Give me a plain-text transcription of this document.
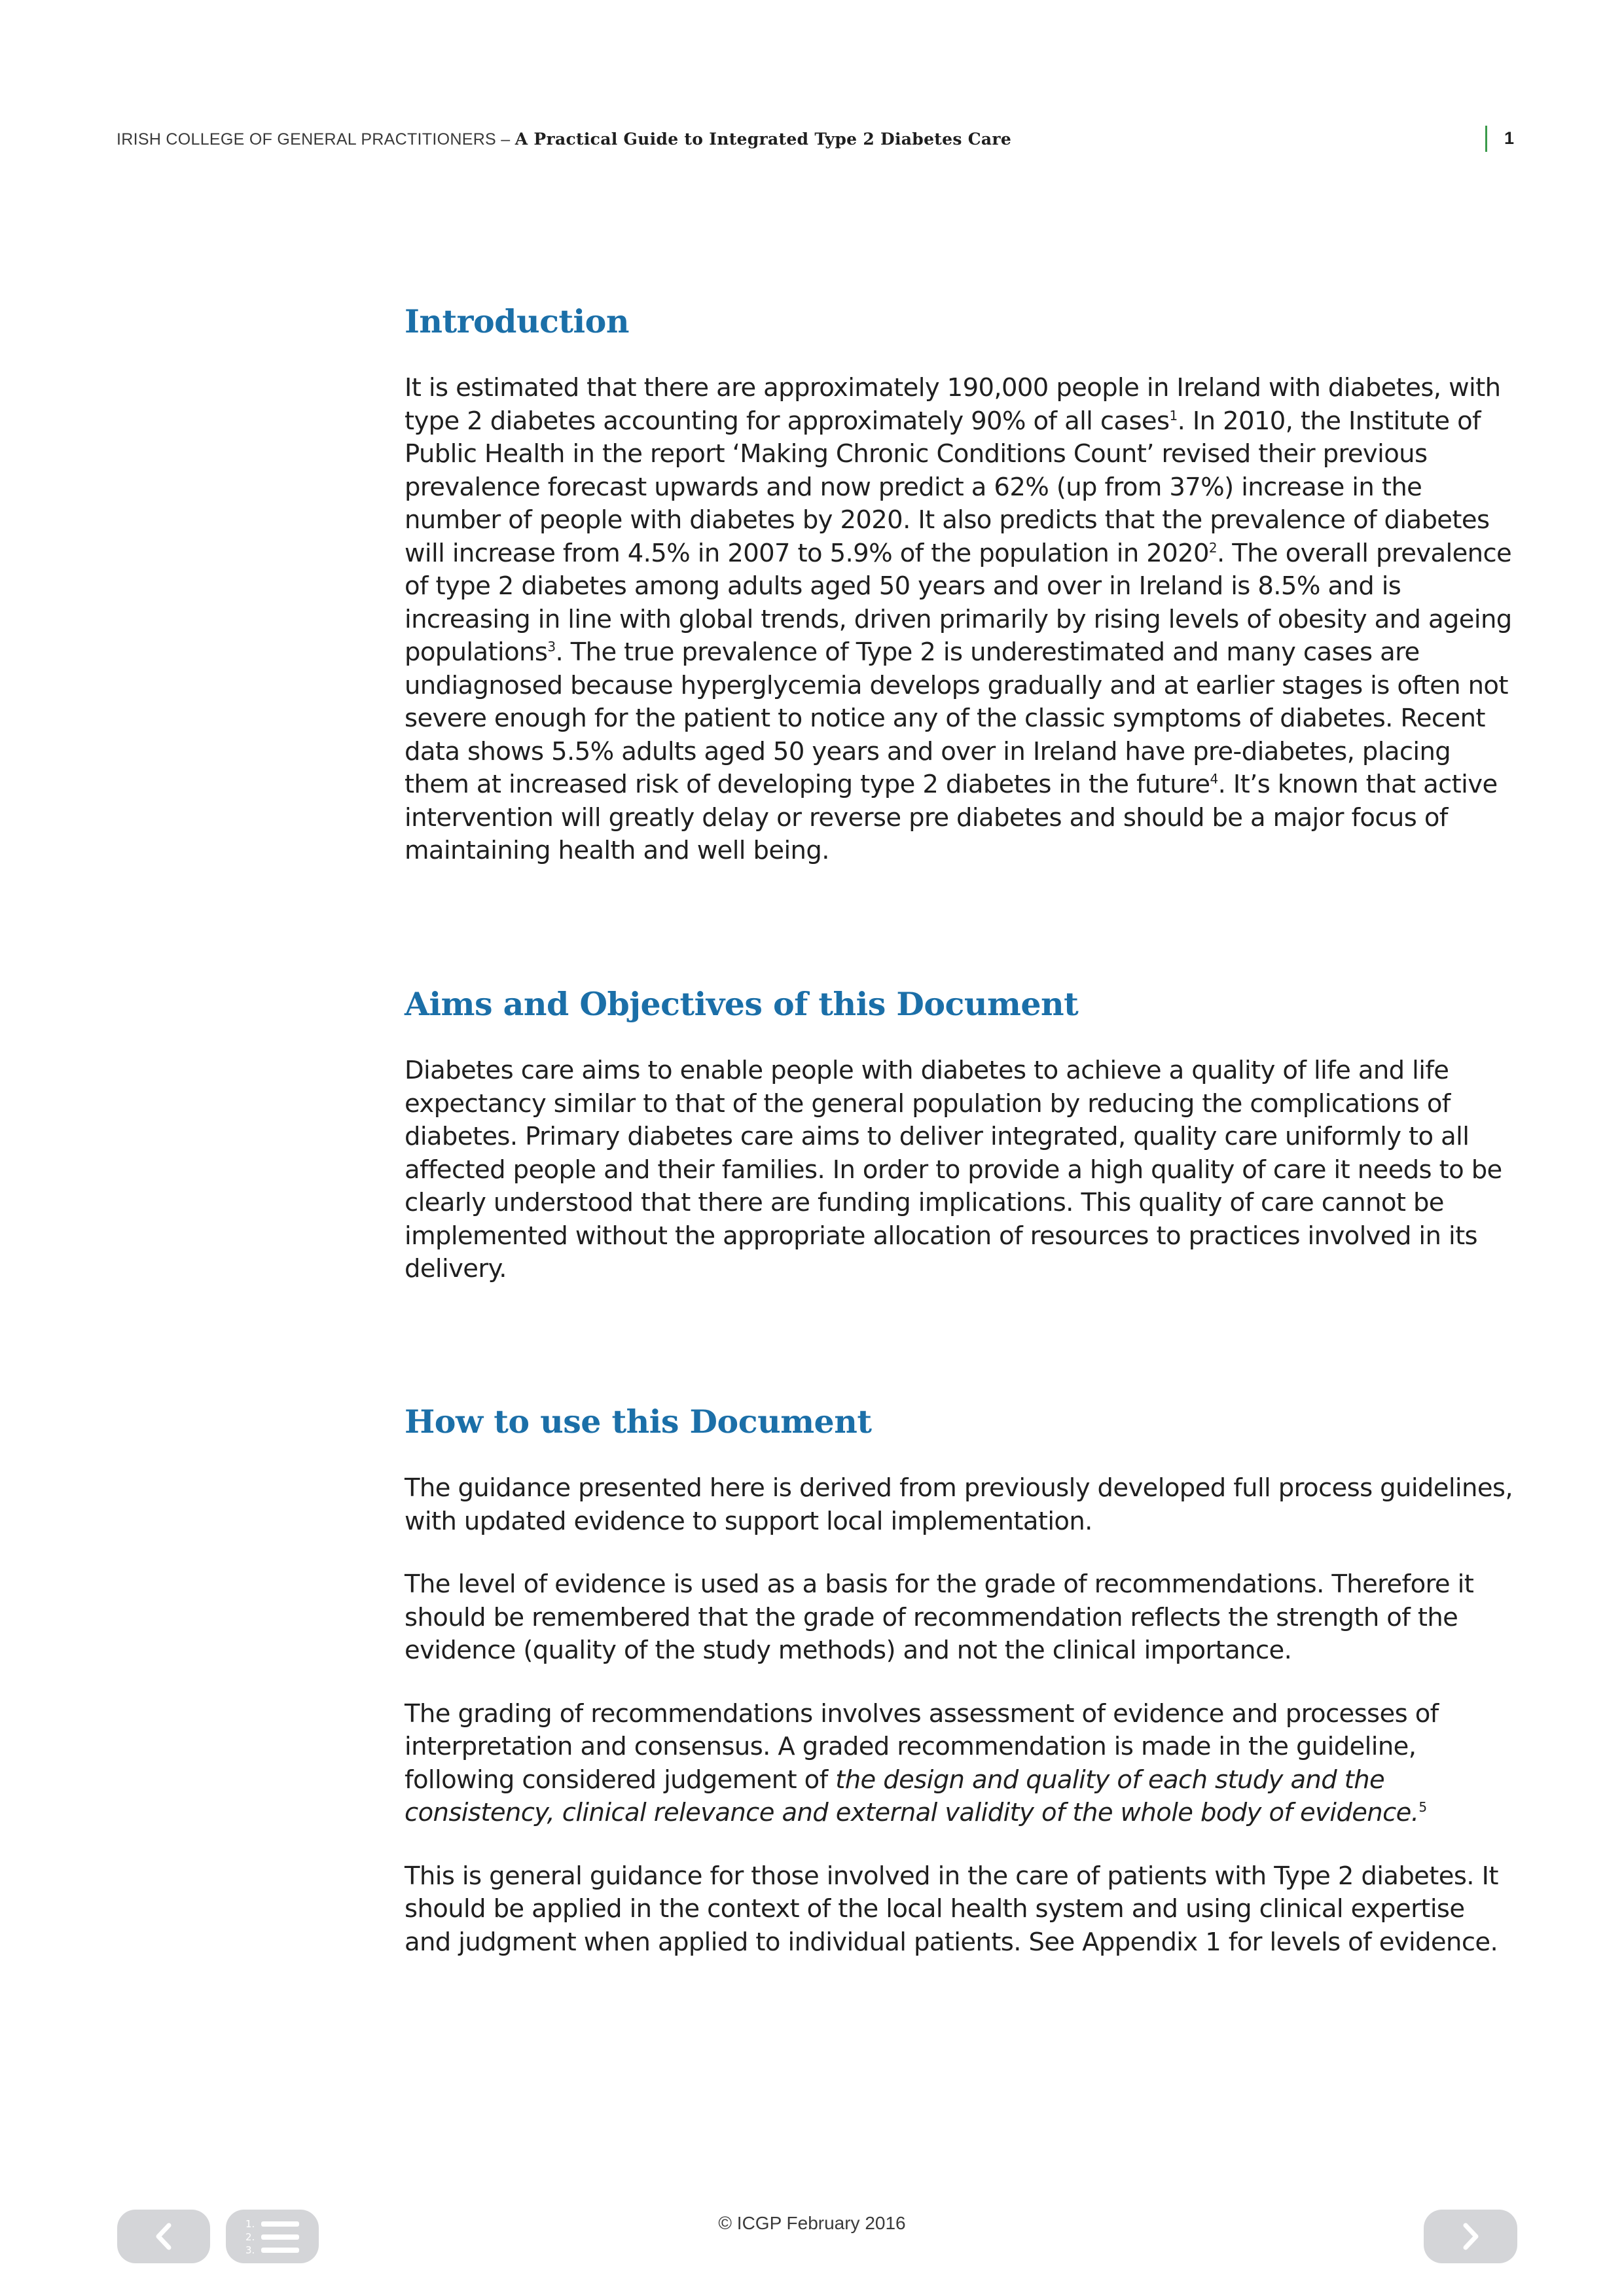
IRISH COLLEGE OF GENERAL PRACTITIONERS – A Practical Guide to Integrated Type 2 Diabetes Care	1
Introduction

It is estimated that there are approximately 190,000 people in Ireland with diabetes, with type 2 diabetes accounting for approximately 90% of all cases$^1$. In 2010, the Institute of Public Health in the report ‘Making Chronic Conditions Count’ revised their previous prevalence forecast upwards and now predict a 62% (up from 37%) increase in the number of people with diabetes by 2020. It also predicts that the prevalence of diabetes will increase from 4.5% in 2007 to 5.9% of the population in 2020$^2$. The overall prevalence of type 2 diabetes among adults aged 50 years and over in Ireland is 8.5% and is increasing in line with global trends, driven primarily by rising levels of obesity and ageing populations$^3$. The true prevalence of Type 2 is underestimated and many cases are undiagnosed because hyperglycemia develops gradually and at earlier stages is often not severe enough for the patient to notice any of the classic symptoms of diabetes. Recent data shows 5.5% adults aged 50 years and over in Ireland have pre-diabetes, placing them at increased risk of developing type 2 diabetes in the future$^4$. It’s known that active intervention will greatly delay or reverse pre diabetes and should be a major focus of maintaining health and well being.

Aims and Objectives of this Document

Diabetes care aims to enable people with diabetes to achieve a quality of life and life expectancy similar to that of the general population by reducing the complications of diabetes. Primary diabetes care aims to deliver integrated, quality care uniformly to all affected people and their families. In order to provide a high quality of care it needs to be clearly understood that there are funding implications. This quality of care cannot be implemented without the appropriate allocation of resources to practices involved in its delivery.

How to use this Document

The guidance presented here is derived from previously developed full process guidelines, with updated evidence to support local implementation.

The level of evidence is used as a basis for the grade of recommendations. Therefore it should be remembered that the grade of recommendation reflects the strength of the evidence (quality of the study methods) and not the clinical importance.

The grading of recommendations involves assessment of evidence and processes of interpretation and consensus. A graded recommendation is made in the guideline, following considered judgement of the design and quality of each study and the consistency, clinical relevance and external validity of the whole body of evidence.$^5$

This is general guidance for those involved in the care of patients with Type 2 diabetes. It should be applied in the context of the local health system and using clinical expertise and judgment when applied to individual patients. See Appendix 1 for levels of evidence.

1.
2.
3.
© ICGP February 2016
